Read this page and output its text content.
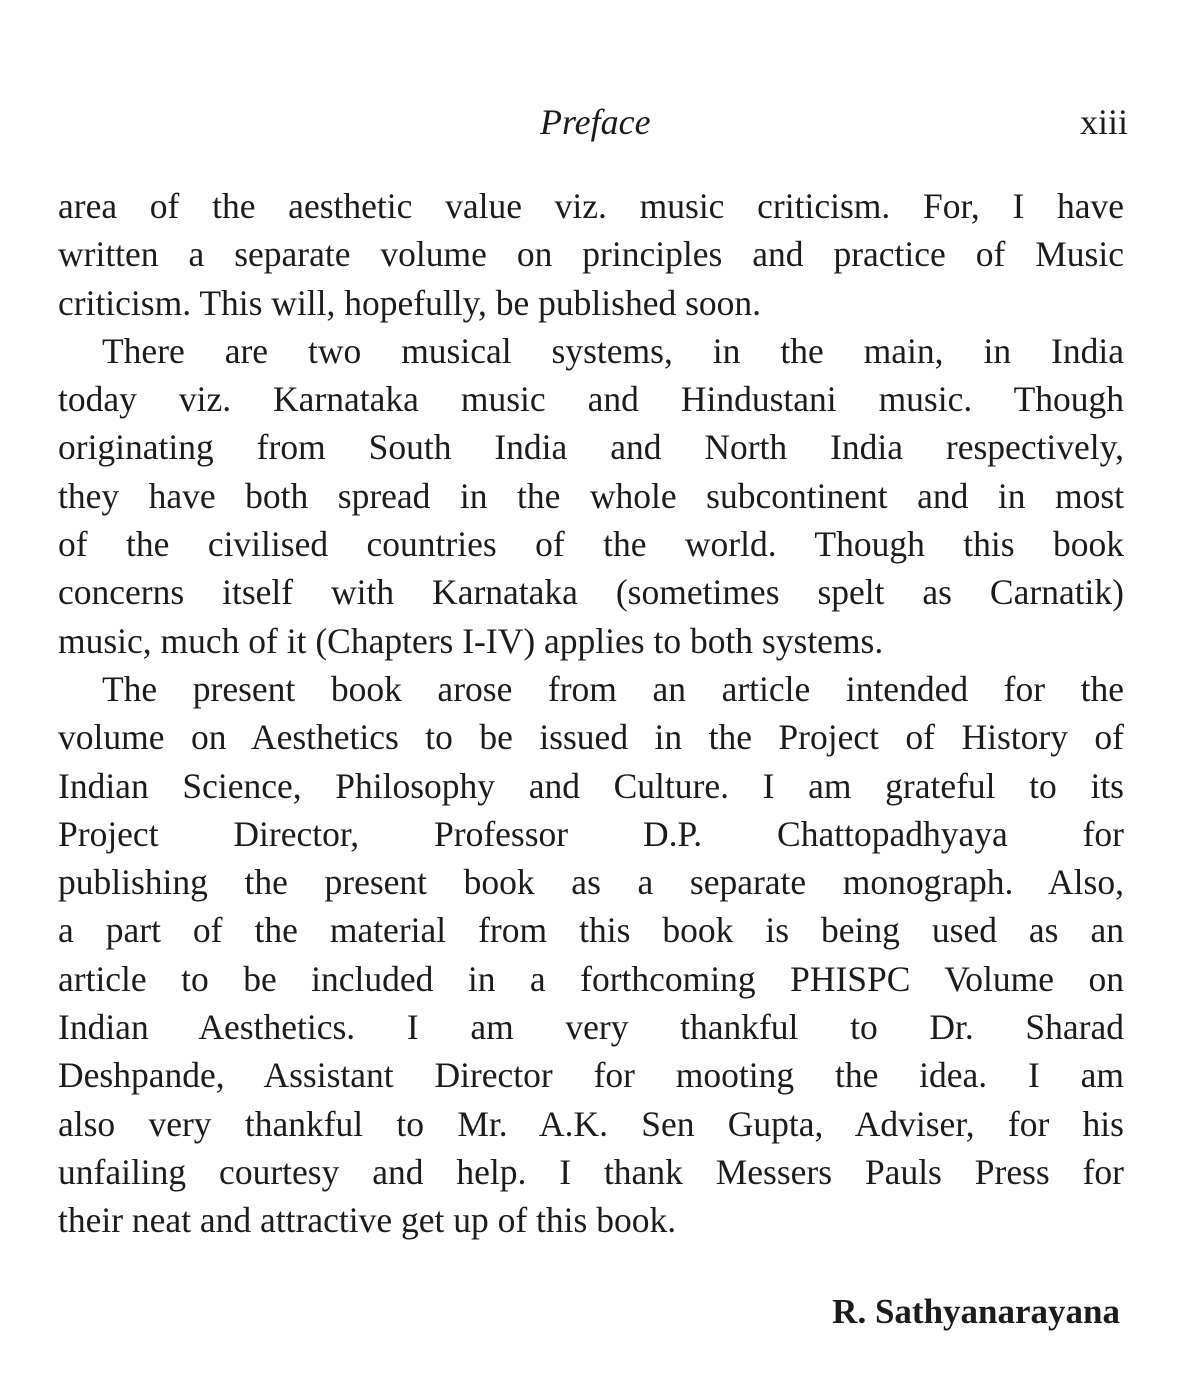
Preface	xiii
area of the aesthetic value viz. music criticism. For, I have
written a separate volume on principles and practice of Music
criticism. This will, hopefully, be published soon.
There are two musical systems, in the main, in India
today viz. Karnataka music and Hindustani music. Though
originating from South India and North India respectively,
they have both spread in the whole subcontinent and in most
of the civilised countries of the world. Though this book
concerns itself with Karnataka (sometimes spelt as Carnatik)
music, much of it (Chapters I-IV) applies to both systems.
The present book arose from an article intended for the
volume on Aesthetics to be issued in the Project of History of
Indian Science, Philosophy and Culture. I am grateful to its
Project Director, Professor D.P. Chattopadhyaya for
publishing the present book as a separate monograph. Also,
a part of the material from this book is being used as an
article to be included in a forthcoming PHISPC Volume on
Indian Aesthetics. I am very thankful to Dr. Sharad
Deshpande, Assistant Director for mooting the idea. I am
also very thankful to Mr. A.K. Sen Gupta, Adviser, for his
unfailing courtesy and help. I thank Messers Pauls Press for
their neat and attractive get up of this book.
R. Sathyanarayana
